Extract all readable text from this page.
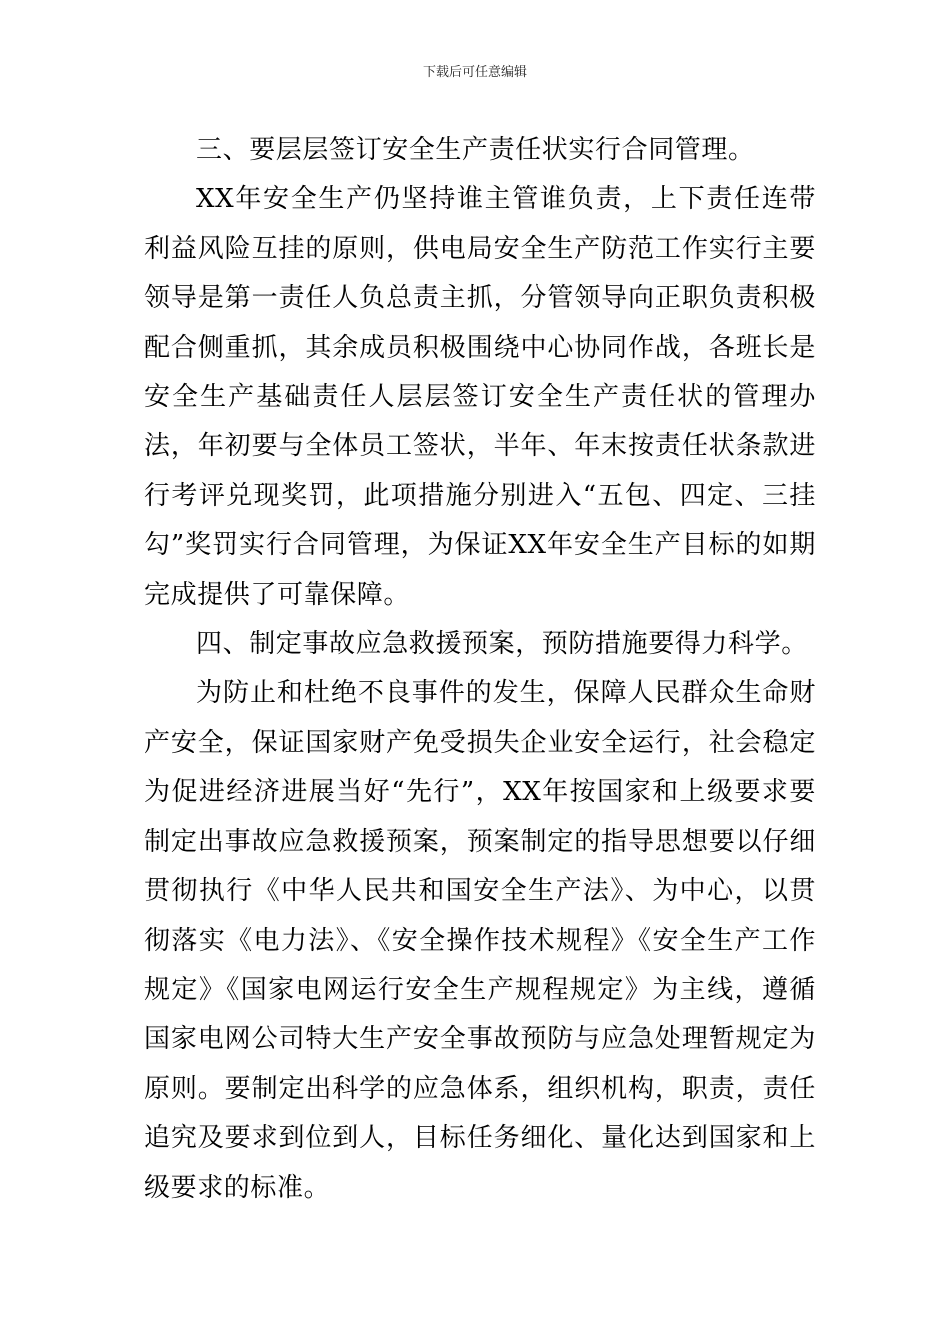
下载后可任意编辑

三、要层层签订安全生产责任状实行合同管理。

XX年安全生产仍坚持谁主管谁负责，上下责任连带利益风险互挂的原则，供电局安全生产防范工作实行主要领导是第一责任人负总责主抓，分管领导向正职负责积极配合侧重抓，其余成员积极围绕中心协同作战，各班长是安全生产基础责任人层层签订安全生产责任状的管理办法，年初要与全体员工签状，半年、年末按责任状条款进行考评兑现奖罚，此项措施分别进入“五包、四定、三挂勾”奖罚实行合同管理，为保证XX年安全生产目标的如期完成提供了可靠保障。

四、制定事故应急救援预案，预防措施要得力科学。

为防止和杜绝不良事件的发生，保障人民群众生命财产安全，保证国家财产免受损失企业安全运行，社会稳定为促进经济进展当好“先行”，XX年按国家和上级要求要制定出事故应急救援预案，预案制定的指导思想要以仔细贯彻执行《中华人民共和国安全生产法》、为中心，以贯彻落实《电力法》、《安全操作技术规程》《安全生产工作规定》《国家电网运行安全生产规程规定》为主线，遵循国家电网公司特大生产安全事故预防与应急处理暂规定为原则。要制定出科学的应急体系，组织机构，职责，责任追究及要求到位到人，目标任务细化、量化达到国家和上级要求的标准。
